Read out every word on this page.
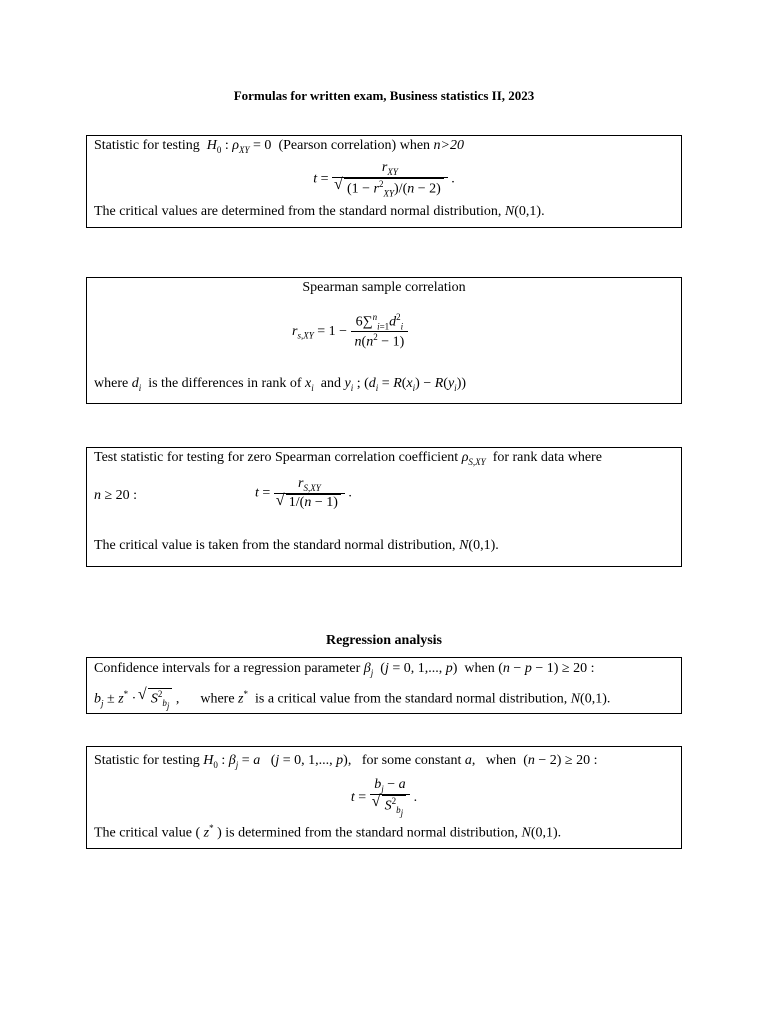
Formulas for written exam, Business statistics II, 2023
Statistic for testing $H_0$ : $\rho_{XY} = 0$  (Pearson correlation) when n>20
$t = r_{XY}$
√ $(1 - r^2_{XY})/(n - 2)$ .
The critical values are determined from the standard normal distribution, N(0,1).
Spearman sample correlation
$r_{s,XY} = 1 - \frac{6\sum^n_{i=1}d^2_i}{n(n^2 - 1)}$
where $d_i$ is the differences in rank of $x_i$ and $y_i$ ; $(d_i = R(x_i) - R(y_i))$
Test statistic for testing for zero Spearman correlation coefficient $\rho_{S,XY}$ for rank data where
n ≥ 20 :	$t = r_{S,XY}$
√ 1/(n − 1) .
The critical value is taken from the standard normal distribution, N(0,1).
Regression analysis
Confidence intervals for a regression parameter $\beta_j$  (j = 0, 1,..., p)  when (n − p − 1) ≥ 20 :
$b_j \pm z^*$ · √ $S^2_{b_j}$ ,      where z* is a critical value from the standard normal distribution, N(0,1).
Statistic for testing $H_0$ : $\beta_j = a$   (j = 0, 1,..., p),   for some constant a,   when  (n − 2) ≥ 20 :
$t = b_j - a$
√ $S^2_{b_j}$ .
The critical value ( z* ) is determined from the standard normal distribution, N(0,1).
